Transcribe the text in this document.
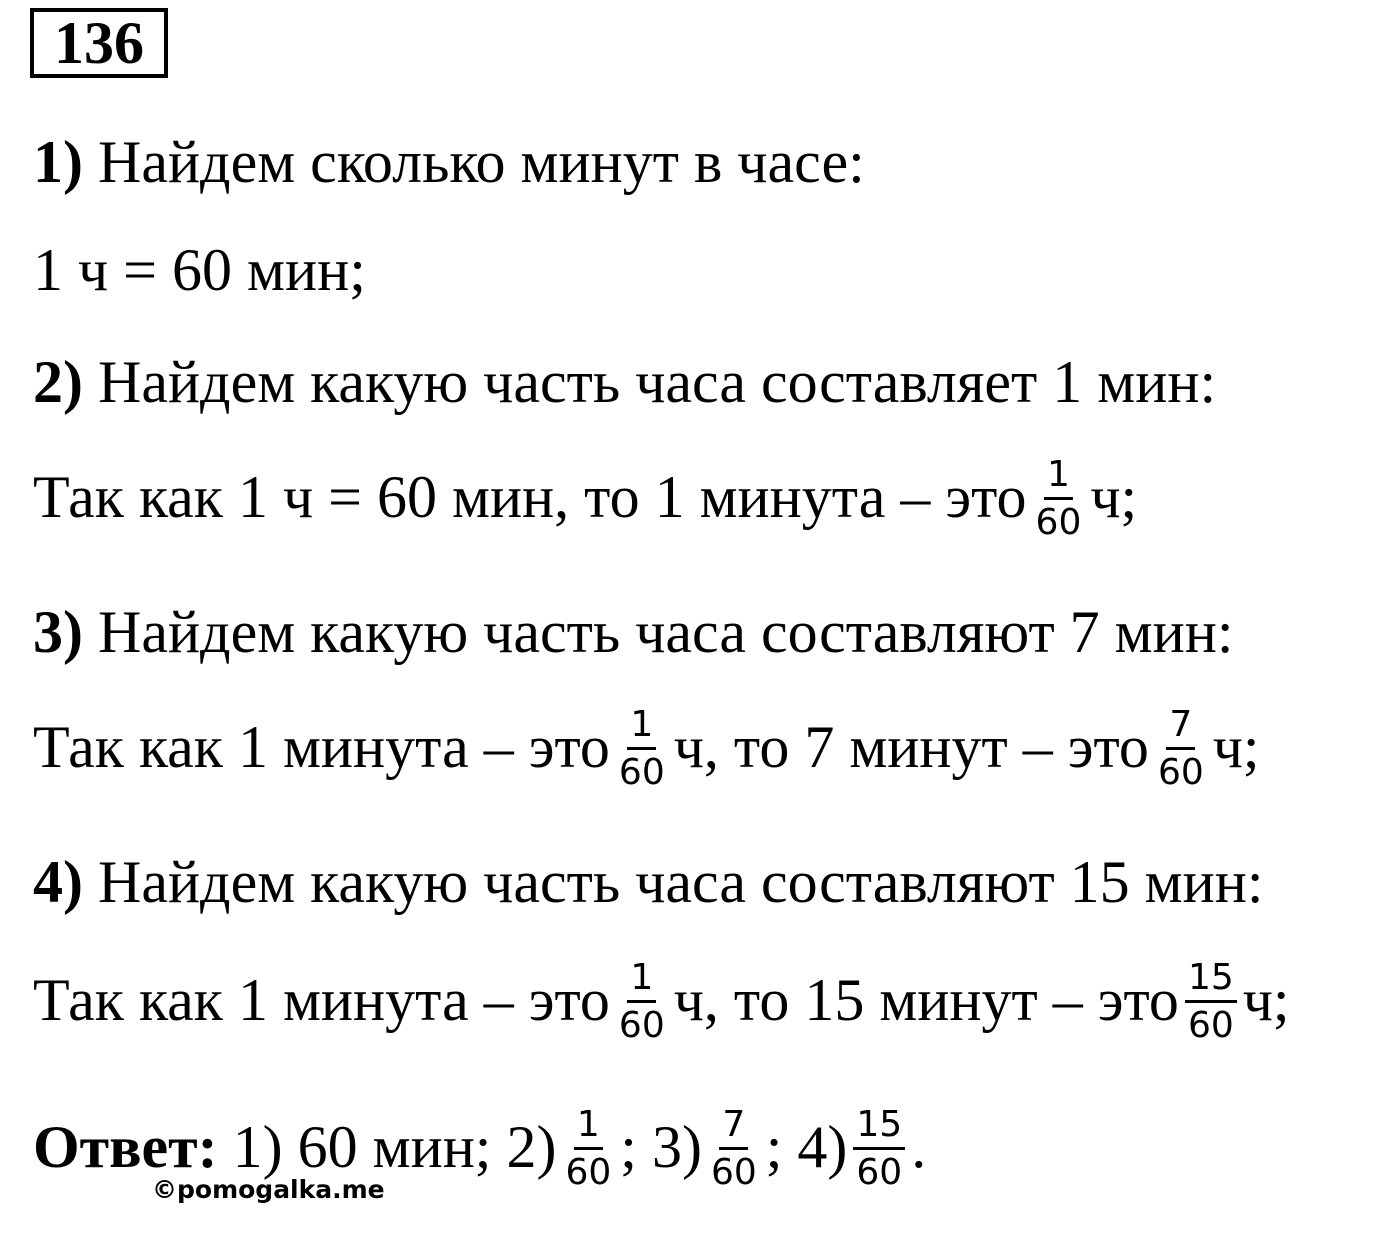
136
1) Найдем сколько минут в часе:
1 ч = 60 мин;
2) Найдем какую часть часа составляет 1 мин:
Так как 1 ч = 60 мин, то 1 минута – это $\frac{1}{60} ч$;
3) Найдем какую часть часа составляют 7 мин:
Так как 1 минута – это $\frac{1}{60} ч$, то 7 минут – это $\frac{7}{60} ч$;
4) Найдем какую часть часа составляют 15 мин:
Так как 1 минута – это $\frac{1}{60} ч$, то 15 минут – это $\frac{15}{60} ч$;
Ответ: 1) 60 мин; $2) \frac{1}{60}$ ; $3) \frac{7}{60}$ ; $4) \frac{15}{60}$ .
©pomogalka.me
